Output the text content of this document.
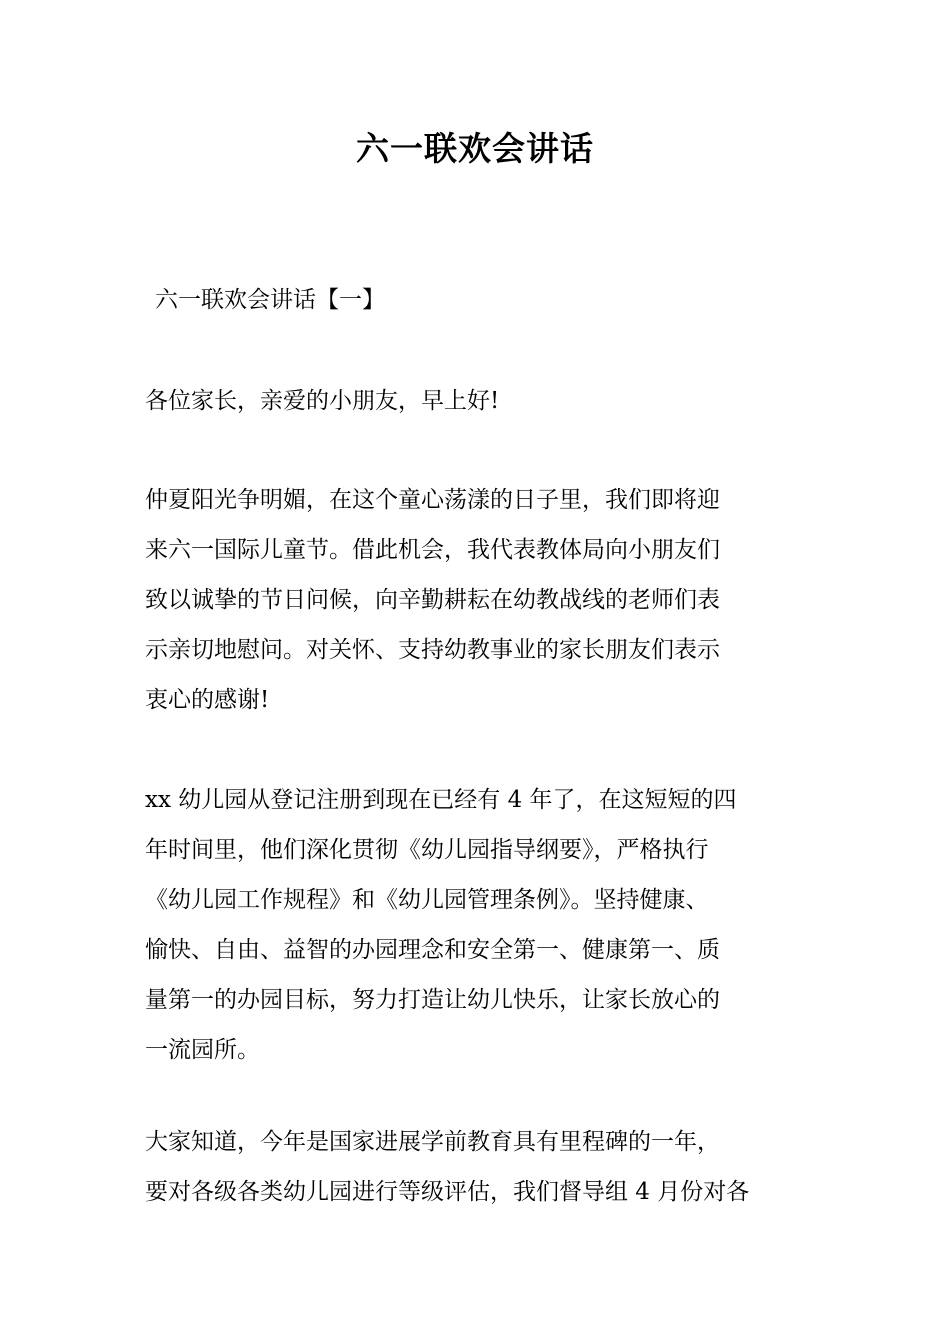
六一联欢会讲话
六一联欢会讲话【一】

各位家长，亲爱的小朋友，早上好!

仲夏阳光争明媚，在这个童心荡漾的日子里，我们即将迎
来六一国际儿童节。借此机会，我代表教体局向小朋友们
致以诚挚的节日问候，向辛勤耕耘在幼教战线的老师们表
示亲切地慰问。对关怀、支持幼教事业的家长朋友们表示
衷心的感谢!

xx 幼儿园从登记注册到现在已经有 4 年了，在这短短的四
年时间里，他们深化贯彻《幼儿园指导纲要》，严格执行
《幼儿园工作规程》和《幼儿园管理条例》。坚持健康、
愉快、自由、益智的办园理念和安全第一、健康第一、质
量第一的办园目标，努力打造让幼儿快乐，让家长放心的
一流园所。

大家知道，今年是国家进展学前教育具有里程碑的一年，
要对各级各类幼儿园进行等级评估，我们督导组 4 月份对各
